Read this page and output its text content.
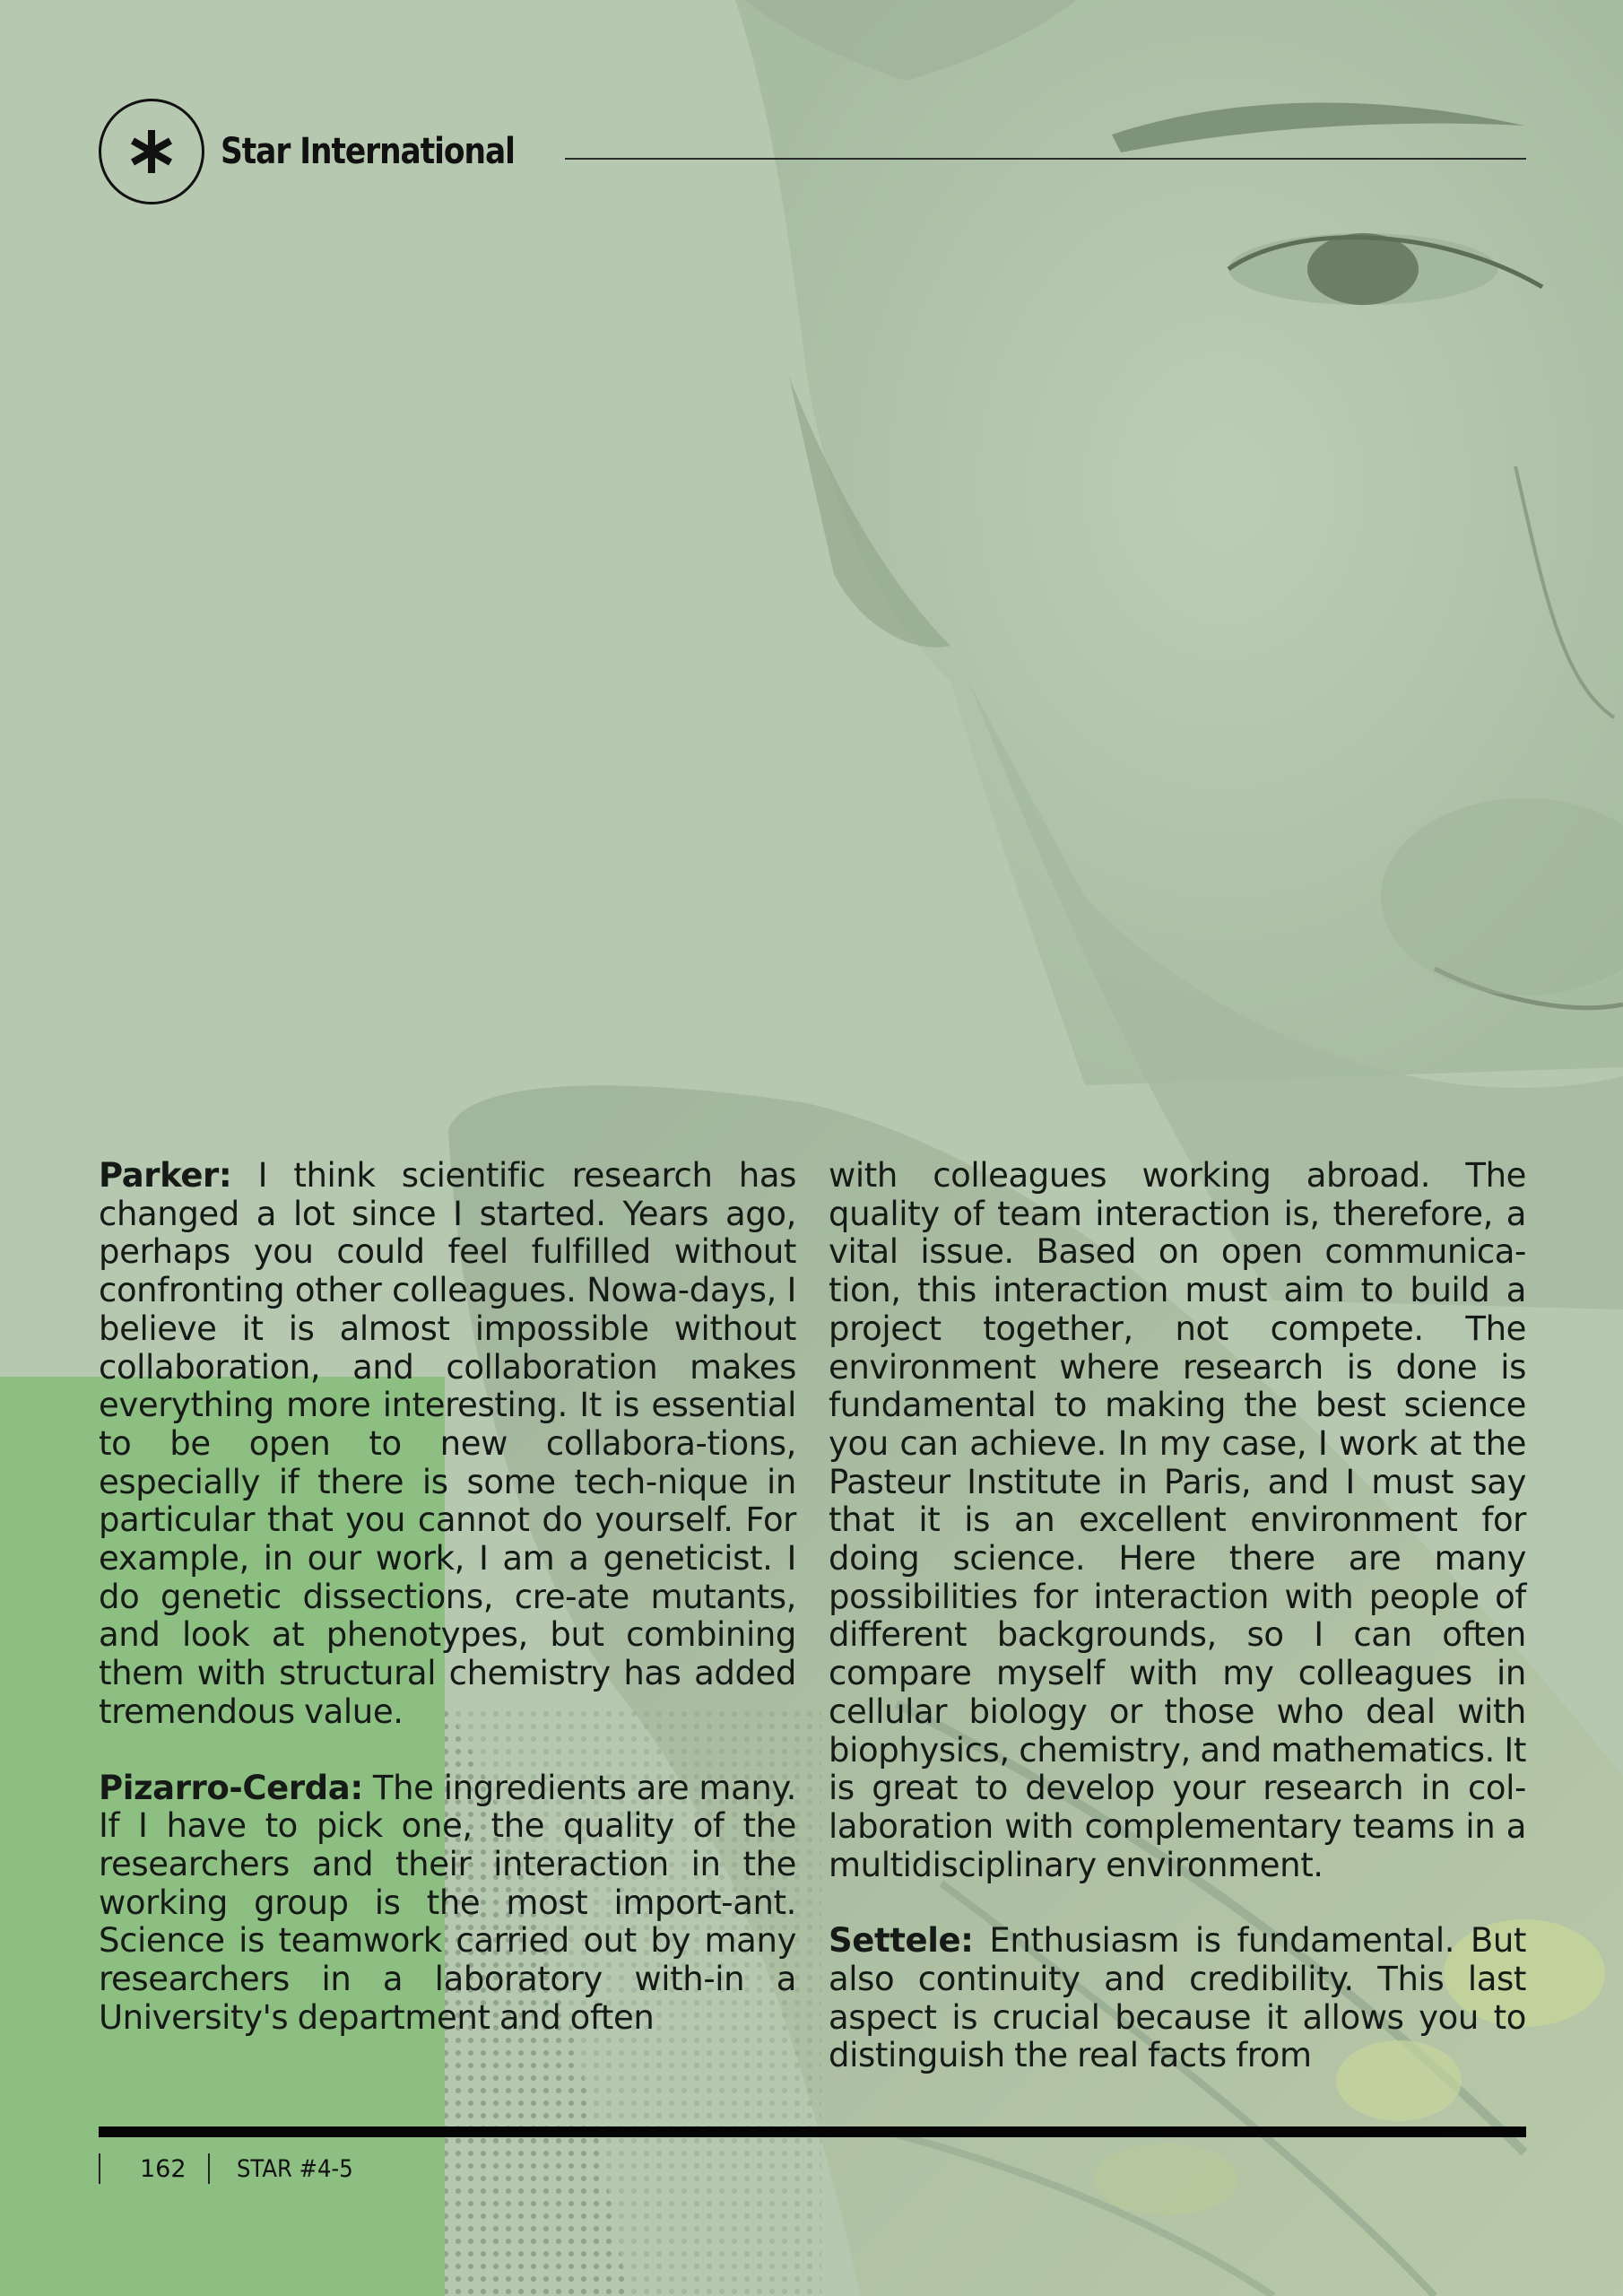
Star International

Parker: I think scientific research has changed a lot since I started. Years ago, perhaps you could feel fulfilled without confronting other colleagues. Nowa-days, I believe it is almost impossible without collaboration, and collaboration makes everything more interesting. It is essential to be open to new collabora-tions, especially if there is some tech-nique in particular that you cannot do yourself. For example, in our work, I am a geneticist. I do genetic dissections, cre-ate mutants, and look at phenotypes, but combining them with structural chemistry has added tremendous value.

Pizarro-Cerda: The ingredients are many. If I have to pick one, the quality of the researchers and their interaction in the working group is the most import-ant. Science is teamwork carried out by many researchers in a laboratory with-in a University's department and often

with colleagues working abroad. The quality of team interaction is, therefore, a vital issue. Based on open communica-tion, this interaction must aim to build a project together, not compete. The environment where research is done is fundamental to making the best science you can achieve. In my case, I work at the Pasteur Institute in Paris, and I must say that it is an excellent environment for doing science. Here there are many possibilities for interaction with people of different backgrounds, so I can often compare myself with my colleagues in cellular biology or those who deal with biophysics, chemistry, and mathematics. It is great to develop your research in col-laboration with complementary teams in a multidisciplinary environment.

Settele: Enthusiasm is fundamental. But also continuity and credibility. This last aspect is crucial because it allows you to distinguish the real facts from

162 STAR #4-5
